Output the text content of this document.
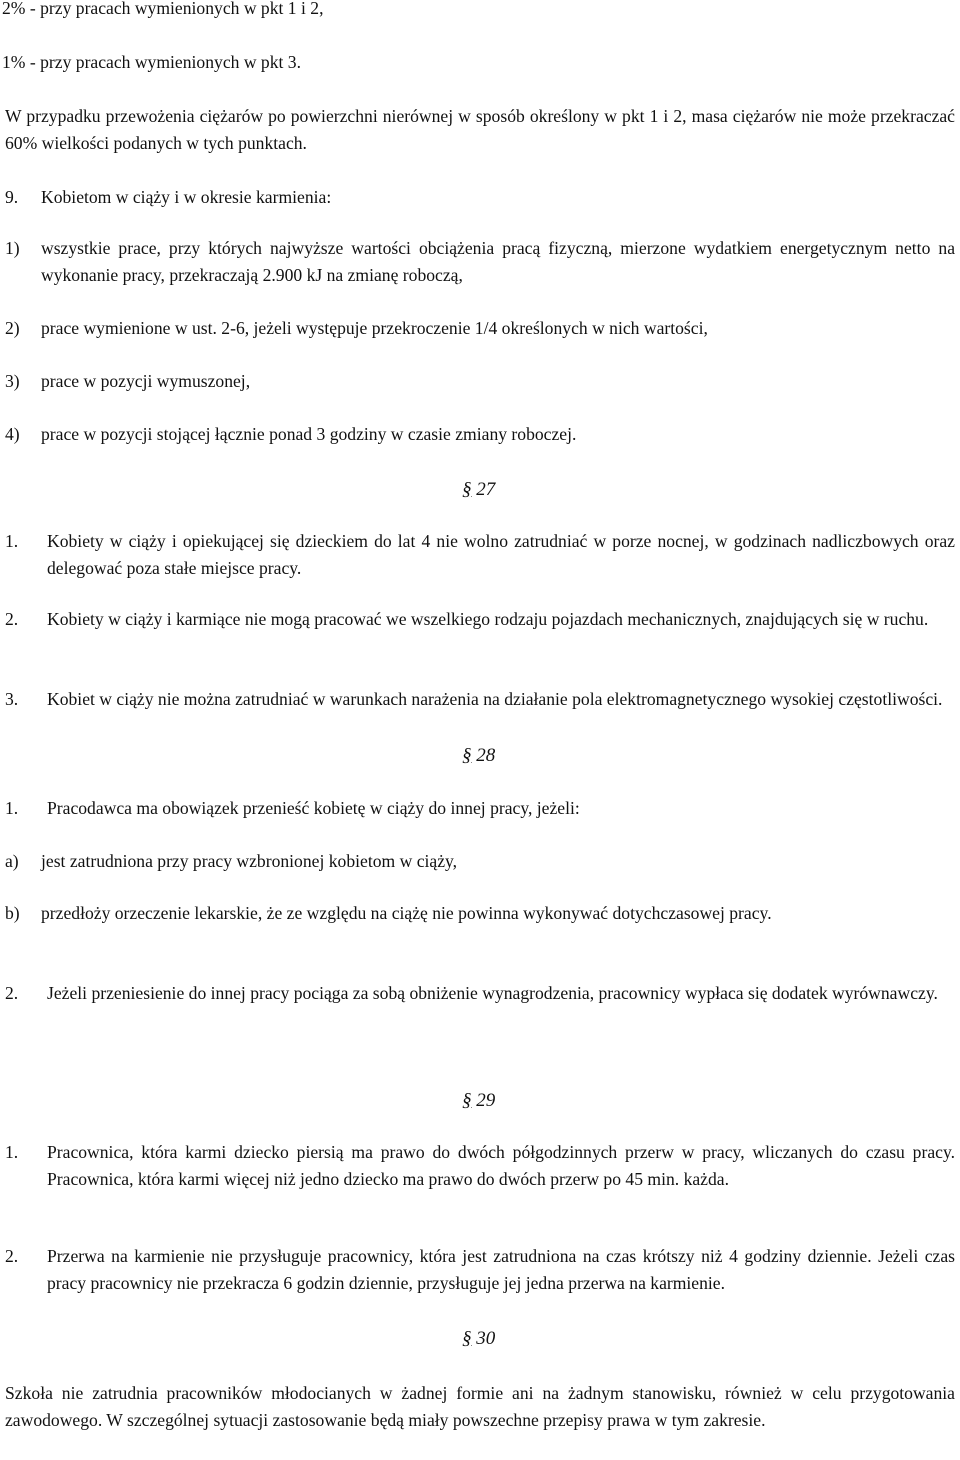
2% - przy pracach wymienionych w pkt 1 i 2,
1% - przy pracach wymienionych w pkt 3.
W przypadku przewożenia ciężarów po powierzchni nierównej w sposób określony w pkt 1 i 2, masa ciężarów nie może przekraczać 60% wielkości podanych w tych punktach.
9. Kobietom w ciąży i w okresie karmienia:
1) wszystkie prace, przy których najwyższe wartości obciążenia pracą fizyczną, mierzone wydatkiem energetycznym netto na wykonanie pracy, przekraczają 2.900 kJ na zmianę roboczą,
2) prace wymienione w ust. 2-6, jeżeli występuje przekroczenie 1/4 określonych w nich wartości,
3) prace w pozycji wymuszonej,
4) prace w pozycji stojącej łącznie ponad 3 godziny w czasie zmiany roboczej.
§ 27
1. Kobiety w ciąży i opiekującej się dzieckiem do lat 4 nie wolno zatrudniać w porze nocnej, w godzinach nadliczbowych oraz delegować poza stałe miejsce pracy.
2. Kobiety w ciąży i karmiące nie mogą pracować we wszelkiego rodzaju pojazdach mechanicznych, znajdujących się w ruchu.
3. Kobiet w ciąży nie można zatrudniać w warunkach narażenia na działanie pola elektromagnetycznego wysokiej częstotliwości.
§ 28
1. Pracodawca ma obowiązek przenieść kobietę w ciąży do innej pracy, jeżeli:
a) jest zatrudniona przy pracy wzbronionej kobietom w ciąży,
b) przedłoży orzeczenie lekarskie, że ze względu na ciążę nie powinna wykonywać dotychczasowej pracy.
2. Jeżeli przeniesienie do innej pracy pociąga za sobą obniżenie wynagrodzenia, pracownicy wypłaca się dodatek wyrównawczy.
§ 29
1. Pracownica, która karmi dziecko piersią ma prawo do dwóch półgodzinnych przerw w pracy, wliczanych do czasu pracy. Pracownica, która karmi więcej niż jedno dziecko ma prawo do dwóch przerw po 45 min. każda.
2. Przerwa na karmienie nie przysługuje pracownicy, która jest zatrudniona na czas krótszy niż 4 godziny dziennie. Jeżeli czas pracy pracownicy nie przekracza 6 godzin dziennie, przysługuje jej jedna przerwa na karmienie.
§ 30
Szkoła nie zatrudnia pracowników młodocianych w żadnej formie ani na żadnym stanowisku, również w celu przygotowania zawodowego. W szczególnej sytuacji zastosowanie będą miały powszechne przepisy prawa w tym zakresie.
